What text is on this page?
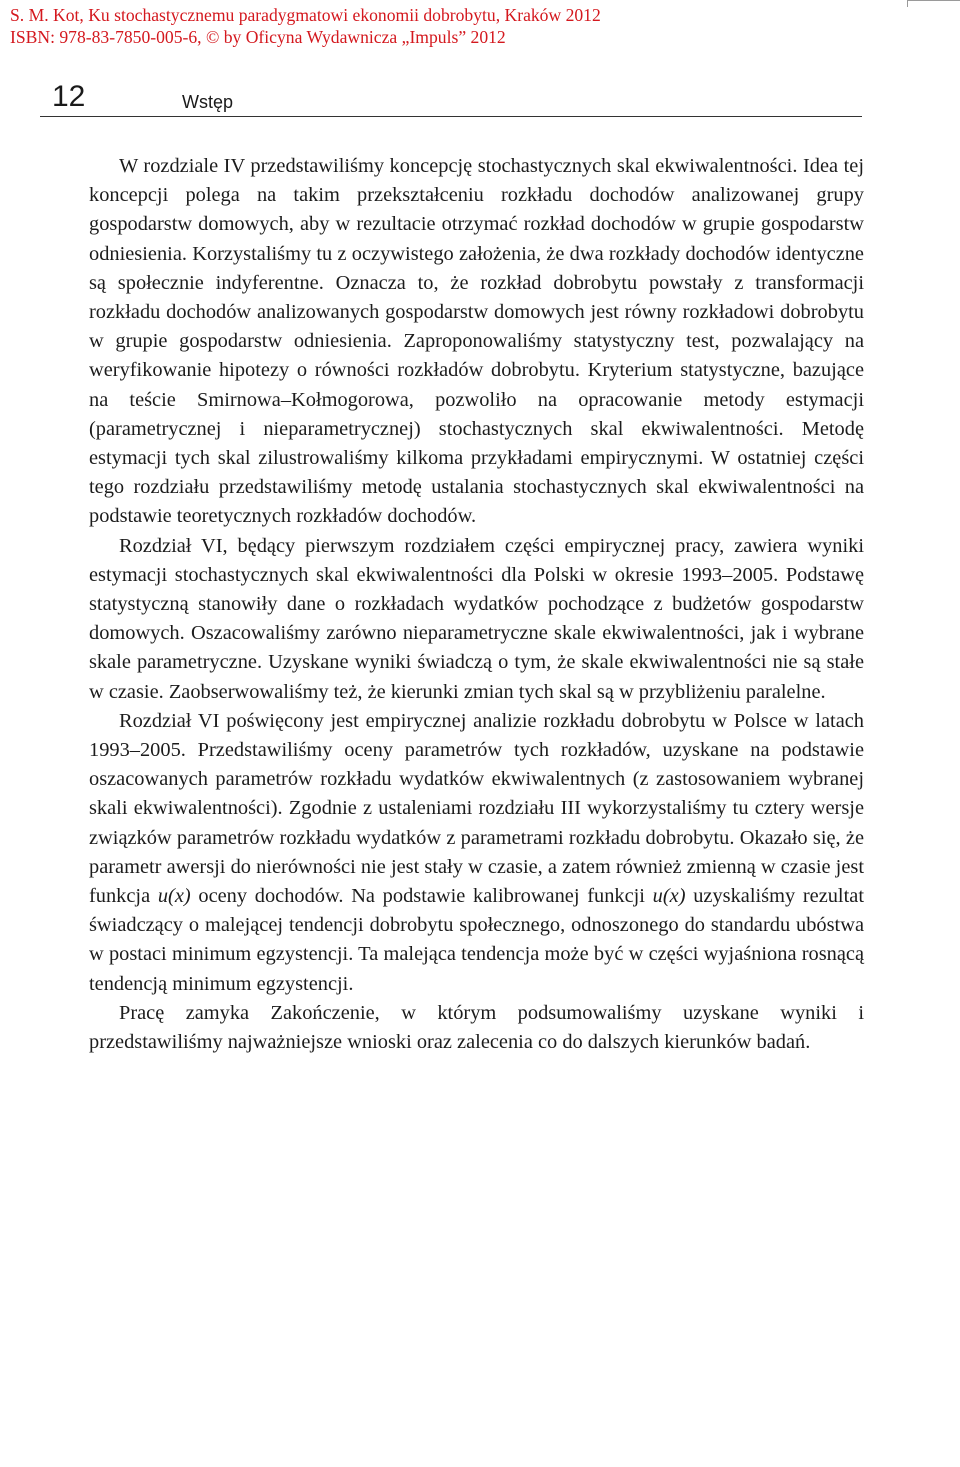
S. M. Kot, Ku stochastycznemu paradygmatowi ekonomii dobrobytu, Kraków 2012
ISBN: 978-83-7850-005-6, © by Oficyna Wydawnicza „Impuls” 2012
12	Wstęp

W rozdziale IV przedstawiliśmy koncepcję stochastycznych skal ekwiwalentności. Idea tej koncepcji polega na takim przekształceniu rozkładu dochodów analizowanej grupy gospodarstw domowych, aby w rezultacie otrzymać rozkład dochodów w grupie gospodarstw odniesienia. Korzystaliśmy tu z oczywistego założenia, że dwa rozkłady dochodów identyczne są społecznie indyferentne. Oznacza to, że rozkład dobrobytu powstały z transformacji rozkładu dochodów analizowanych gospodarstw domowych jest równy rozkładowi dobrobytu w grupie gospodarstw odniesienia. Zaproponowaliśmy statystyczny test, pozwalający na weryfikowanie hipotezy o równości rozkładów dobrobytu. Kryterium statystyczne, bazujące na teście Smirnowa–Kołmogorowa, pozwoliło na opracowanie metody estymacji (parametrycznej i nieparametrycznej) stochastycznych skal ekwiwalentności. Metodę estymacji tych skal zilustrowaliśmy kilkoma przykładami empirycznymi. W ostatniej części tego rozdziału przedstawiliśmy metodę ustalania stochastycznych skal ekwiwalentności na podstawie teoretycznych rozkładów dochodów.

Rozdział VI, będący pierwszym rozdziałem części empirycznej pracy, zawiera wyniki estymacji stochastycznych skal ekwiwalentności dla Polski w okresie 1993–2005. Podstawę statystyczną stanowiły dane o rozkładach wydatków pochodzące z budżetów gospodarstw domowych. Oszacowaliśmy zarówno nieparametryczne skale ekwiwalentności, jak i wybrane skale parametryczne. Uzyskane wyniki świadczą o tym, że skale ekwiwalentności nie są stałe w czasie. Zaobserwowaliśmy też, że kierunki zmian tych skal są w przybliżeniu paralelne.

Rozdział VI poświęcony jest empirycznej analizie rozkładu dobrobytu w Polsce w latach 1993–2005. Przedstawiliśmy oceny parametrów tych rozkładów, uzyskane na podstawie oszacowanych parametrów rozkładu wydatków ekwiwalentnych (z zastosowaniem wybranej skali ekwiwalentności). Zgodnie z ustaleniami rozdziału III wykorzystaliśmy tu cztery wersje związków parametrów rozkładu wydatków z parametrami rozkładu dobrobytu. Okazało się, że parametr awersji do nierówności nie jest stały w czasie, a zatem również zmienną w czasie jest funkcja u(x) oceny dochodów. Na podstawie kalibrowanej funkcji u(x) uzyskaliśmy rezultat świadczący o malejącej tendencji dobrobytu społecznego, odnoszonego do standardu ubóstwa w postaci minimum egzystencji. Ta malejąca tendencja może być w części wyjaśniona rosnącą tendencją minimum egzystencji.

Pracę zamyka Zakończenie, w którym podsumowaliśmy uzyskane wyniki i przedstawiliśmy najważniejsze wnioski oraz zalecenia co do dalszych kierunków badań.
